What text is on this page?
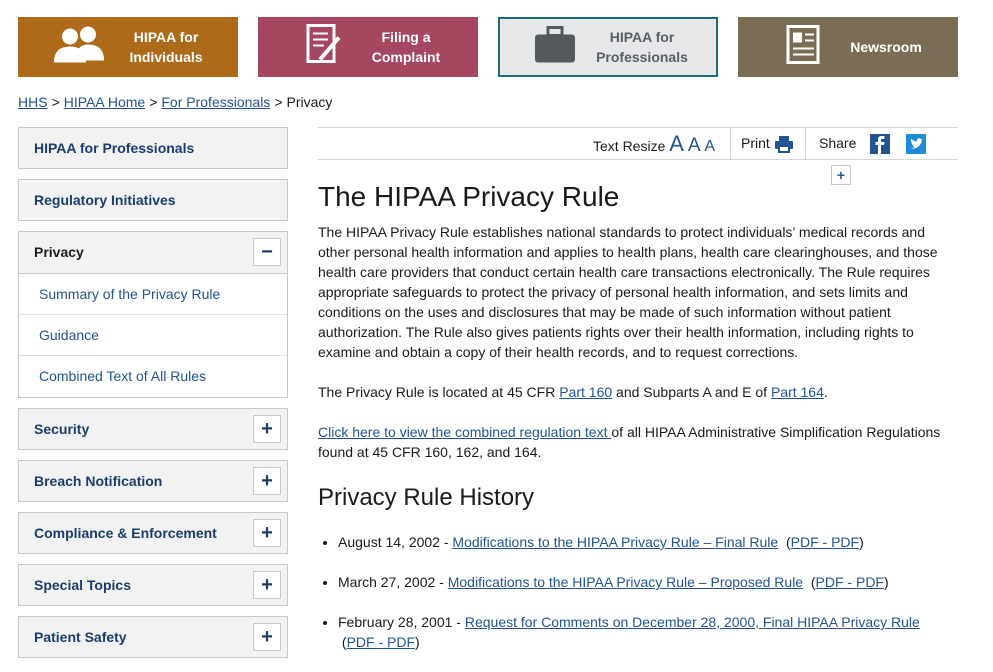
HIPAA for
Individuals
Filing a
Complaint
HIPAA for
Professionals
Newsroom
HHS > HIPAA Home > For Professionals > Privacy
HIPAA for Professionals
Regulatory Initiatives
Privacy	−
Summary of the Privacy Rule
Guidance
Combined Text of All Rules
Security	+
Breach Notification	+
Compliance & Enforcement	+
Special Topics	+
Patient Safety	+
Text Resize A A A	Print	Share   +
The HIPAA Privacy Rule

The HIPAA Privacy Rule establishes national standards to protect individuals’ medical records and other personal health information and applies to health plans, health care clearinghouses, and those health care providers that conduct certain health care transactions electronically. The Rule requires appropriate safeguards to protect the privacy of personal health information, and sets limits and conditions on the uses and disclosures that may be made of such information without patient authorization. The Rule also gives patients rights over their health information, including rights to examine and obtain a copy of their health records, and to request corrections.

The Privacy Rule is located at 45 CFR Part 160 and Subparts A and E of Part 164.

Click here to view the combined regulation text of all HIPAA Administrative Simplification Regulations found at 45 CFR 160, 162, and 164.

Privacy Rule History
• August 14, 2002 - Modifications to the HIPAA Privacy Rule – Final Rule  (PDF - PDF)
• March 27, 2002 - Modifications to the HIPAA Privacy Rule – Proposed Rule  (PDF - PDF)
• February 28, 2001 - Request for Comments on December 28, 2000, Final HIPAA Privacy Rule
(PDF - PDF)
